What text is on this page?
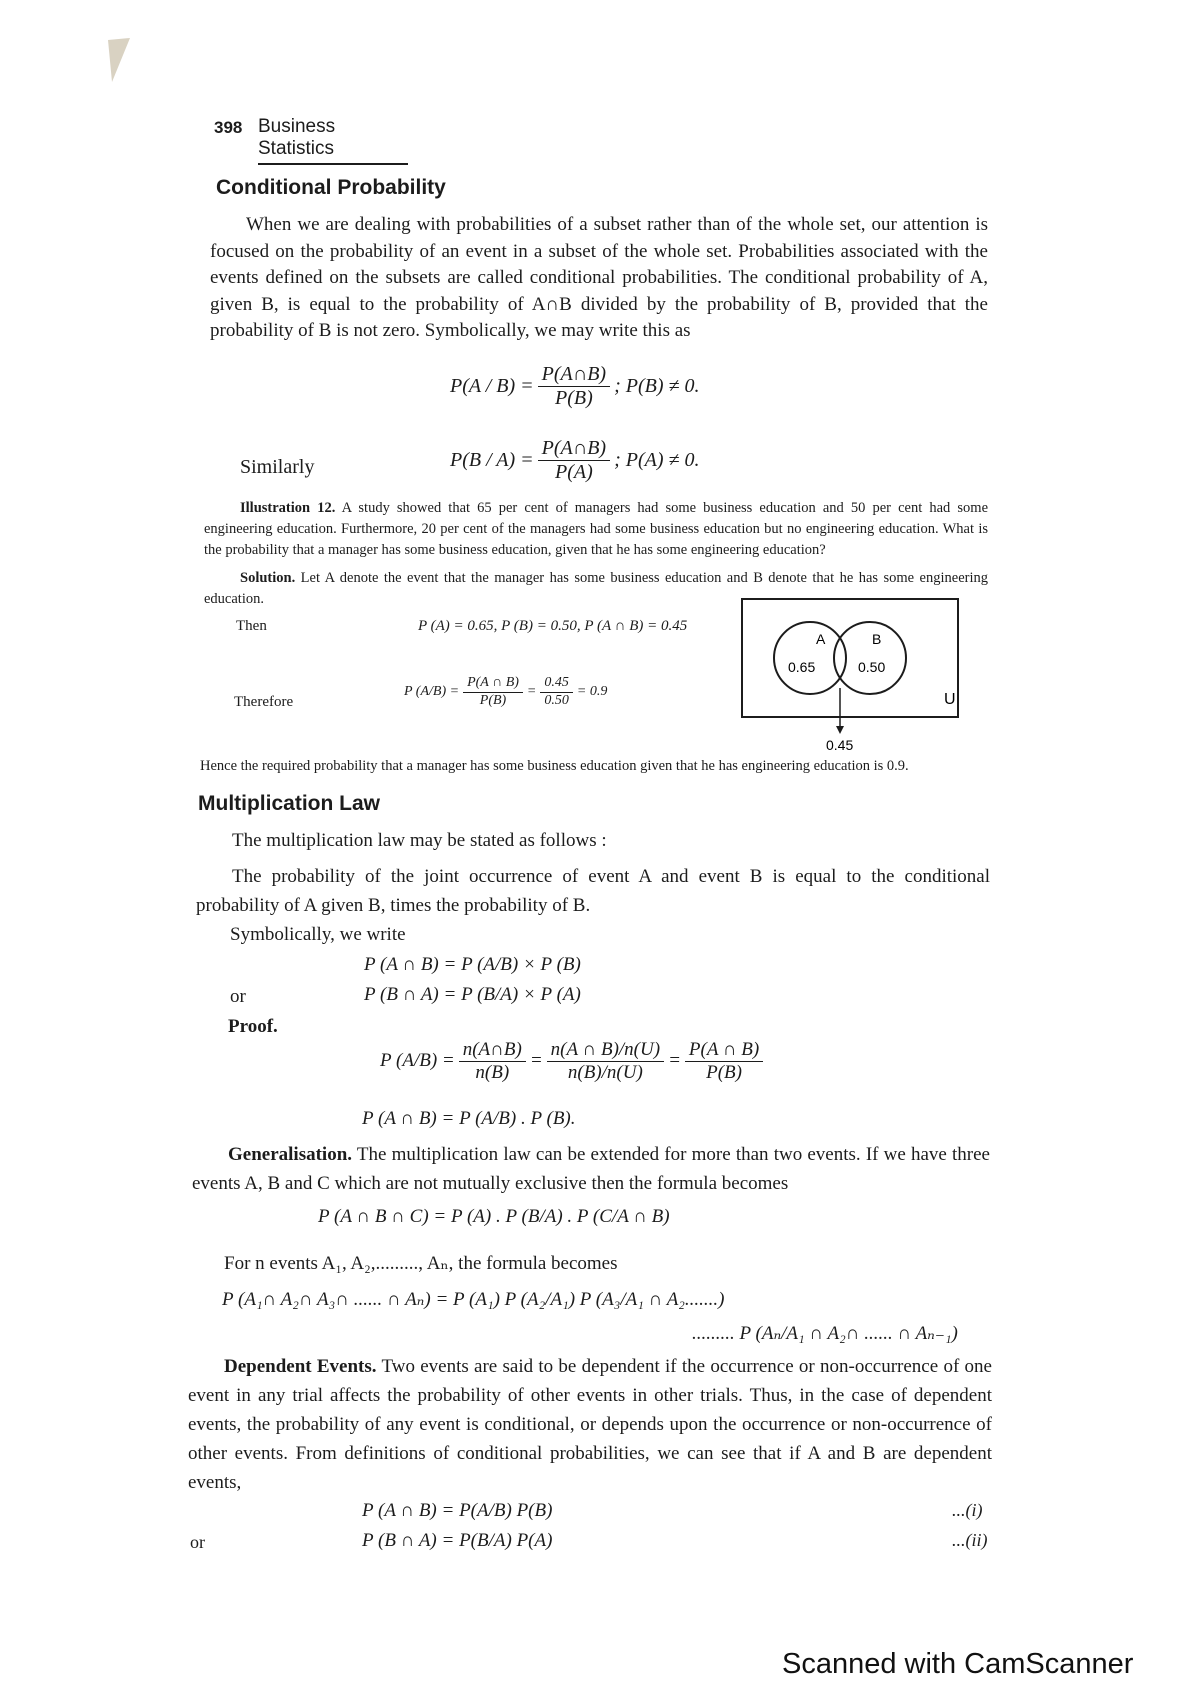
398 Business Statistics
Conditional Probability
When we are dealing with probabilities of a subset rather than of the whole set, our attention is focused on the probability of an event in a subset of the whole set. Probabilities associated with the events defined on the subsets are called conditional probabilities. The conditional probability of A, given B, is equal to the probability of A∩B divided by the probability of B, provided that the probability of B is not zero. Symbolically, we may write this as
$P(A / B) = \frac{P(A\cap B)}{P(B)}$ ; P(B) ≠ 0.
Similarly	$P(B / A) = \frac{P(A\cap B)}{P(A)}$ ; P(A) ≠ 0.
Illustration 12. A study showed that 65 per cent of managers had some business education and 50 per cent had some engineering education. Furthermore, 20 per cent of the managers had some business education but no engineering education. What is the probability that a manager has some business education, given that he has some engineering education?
Solution. Let A denote the event that the manager has some business education and B denote that he has some engineering education.
Then	P (A) = 0.65, P (B) = 0.50, P (A ∩ B) = 0.45
Therefore
P $(A/B) = \frac{P(A \cap B)}{P(B)} = \frac{0.45}{0.50} = 0.9$
A	B
0.65	0.50
U
0.45
Hence the required probability that a manager has some business education given that he has engineering education is 0.9.
Multiplication Law
The multiplication law may be stated as follows :
The probability of the joint occurrence of event A and event B is equal to the conditional probability of A given B, times the probability of B.
Symbolically, we write
P (A ∩ B) = P (A/B) × P (B)
or	P (B ∩ A) = P (B/A) × P (A)
Proof.
P $(A/B) = \frac{n(A\cap B)}{n(B)} = \frac{n(A \cap B)/n(U)}{n(B)/n(U)} = \frac{P(A \cap B)}{P(B)}$
P (A ∩ B) = P (A/B) . P (B).
Generalisation. The multiplication law can be extended for more than two events. If we have three events A, B and C which are not mutually exclusive then the formula becomes
P (A ∩ B ∩ C) = P (A) . P (B/A) . P (C/A ∩ B)
For n events A₁, A₂,........., Aₙ, the formula becomes
P (A₁∩ A₂∩ A₃∩ ...... ∩ Aₙ) = P (A₁) P (A₂/A₁) P (A₃/A₁ ∩ A₂.......)
......... P (Aₙ/A₁ ∩ A₂∩ ...... ∩ Aₙ₋₁)
Dependent Events. Two events are said to be dependent if the occurrence or non-occurrence of one event in any trial affects the probability of other events in other trials. Thus, in the case of dependent events, the probability of any event is conditional, or depends upon the occurrence or non-occurrence of other events. From definitions of conditional probabilities, we can see that if A and B are dependent events,
P (A ∩ B) = P(A/B) P(B)	...(i)
or	P (B ∩ A) = P(B/A) P(A)	...(ii)
Scanned with CamScanner
